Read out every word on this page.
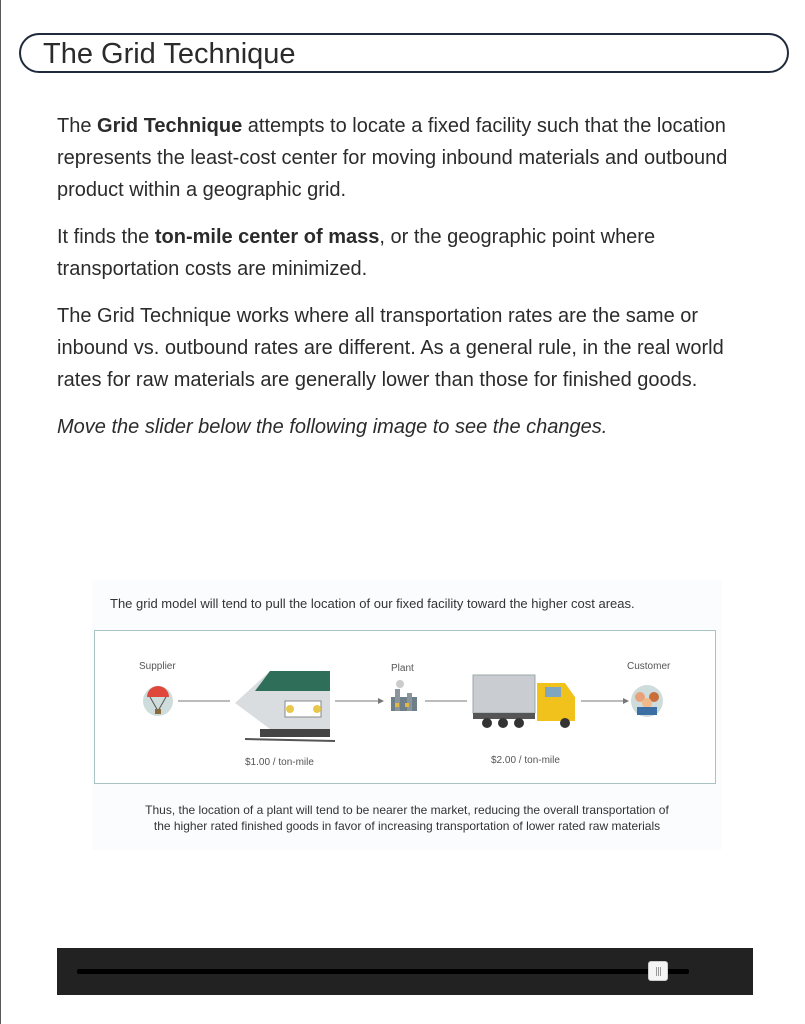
The Grid Technique

The Grid Technique attempts to locate a fixed facility such that the location represents the least-cost center for moving inbound materials and outbound product within a geographic grid.

It finds the ton-mile center of mass, or the geographic point where transportation costs are minimized.

The Grid Technique works where all transportation rates are the same or inbound vs. outbound rates are different. As a general rule, in the real world rates for raw materials are generally lower than those for finished goods.

Move the slider below the following image to see the changes.

The grid model will tend to pull the location of our fixed facility toward the higher cost areas.
Supplier	Plant	Customer
$1.00 / ton-mile	$2.00 / ton-mile
Thus, the location of a plant will tend to be nearer the market, reducing the overall transportation of
the higher rated finished goods in favor of increasing transportation of lower rated raw materials
